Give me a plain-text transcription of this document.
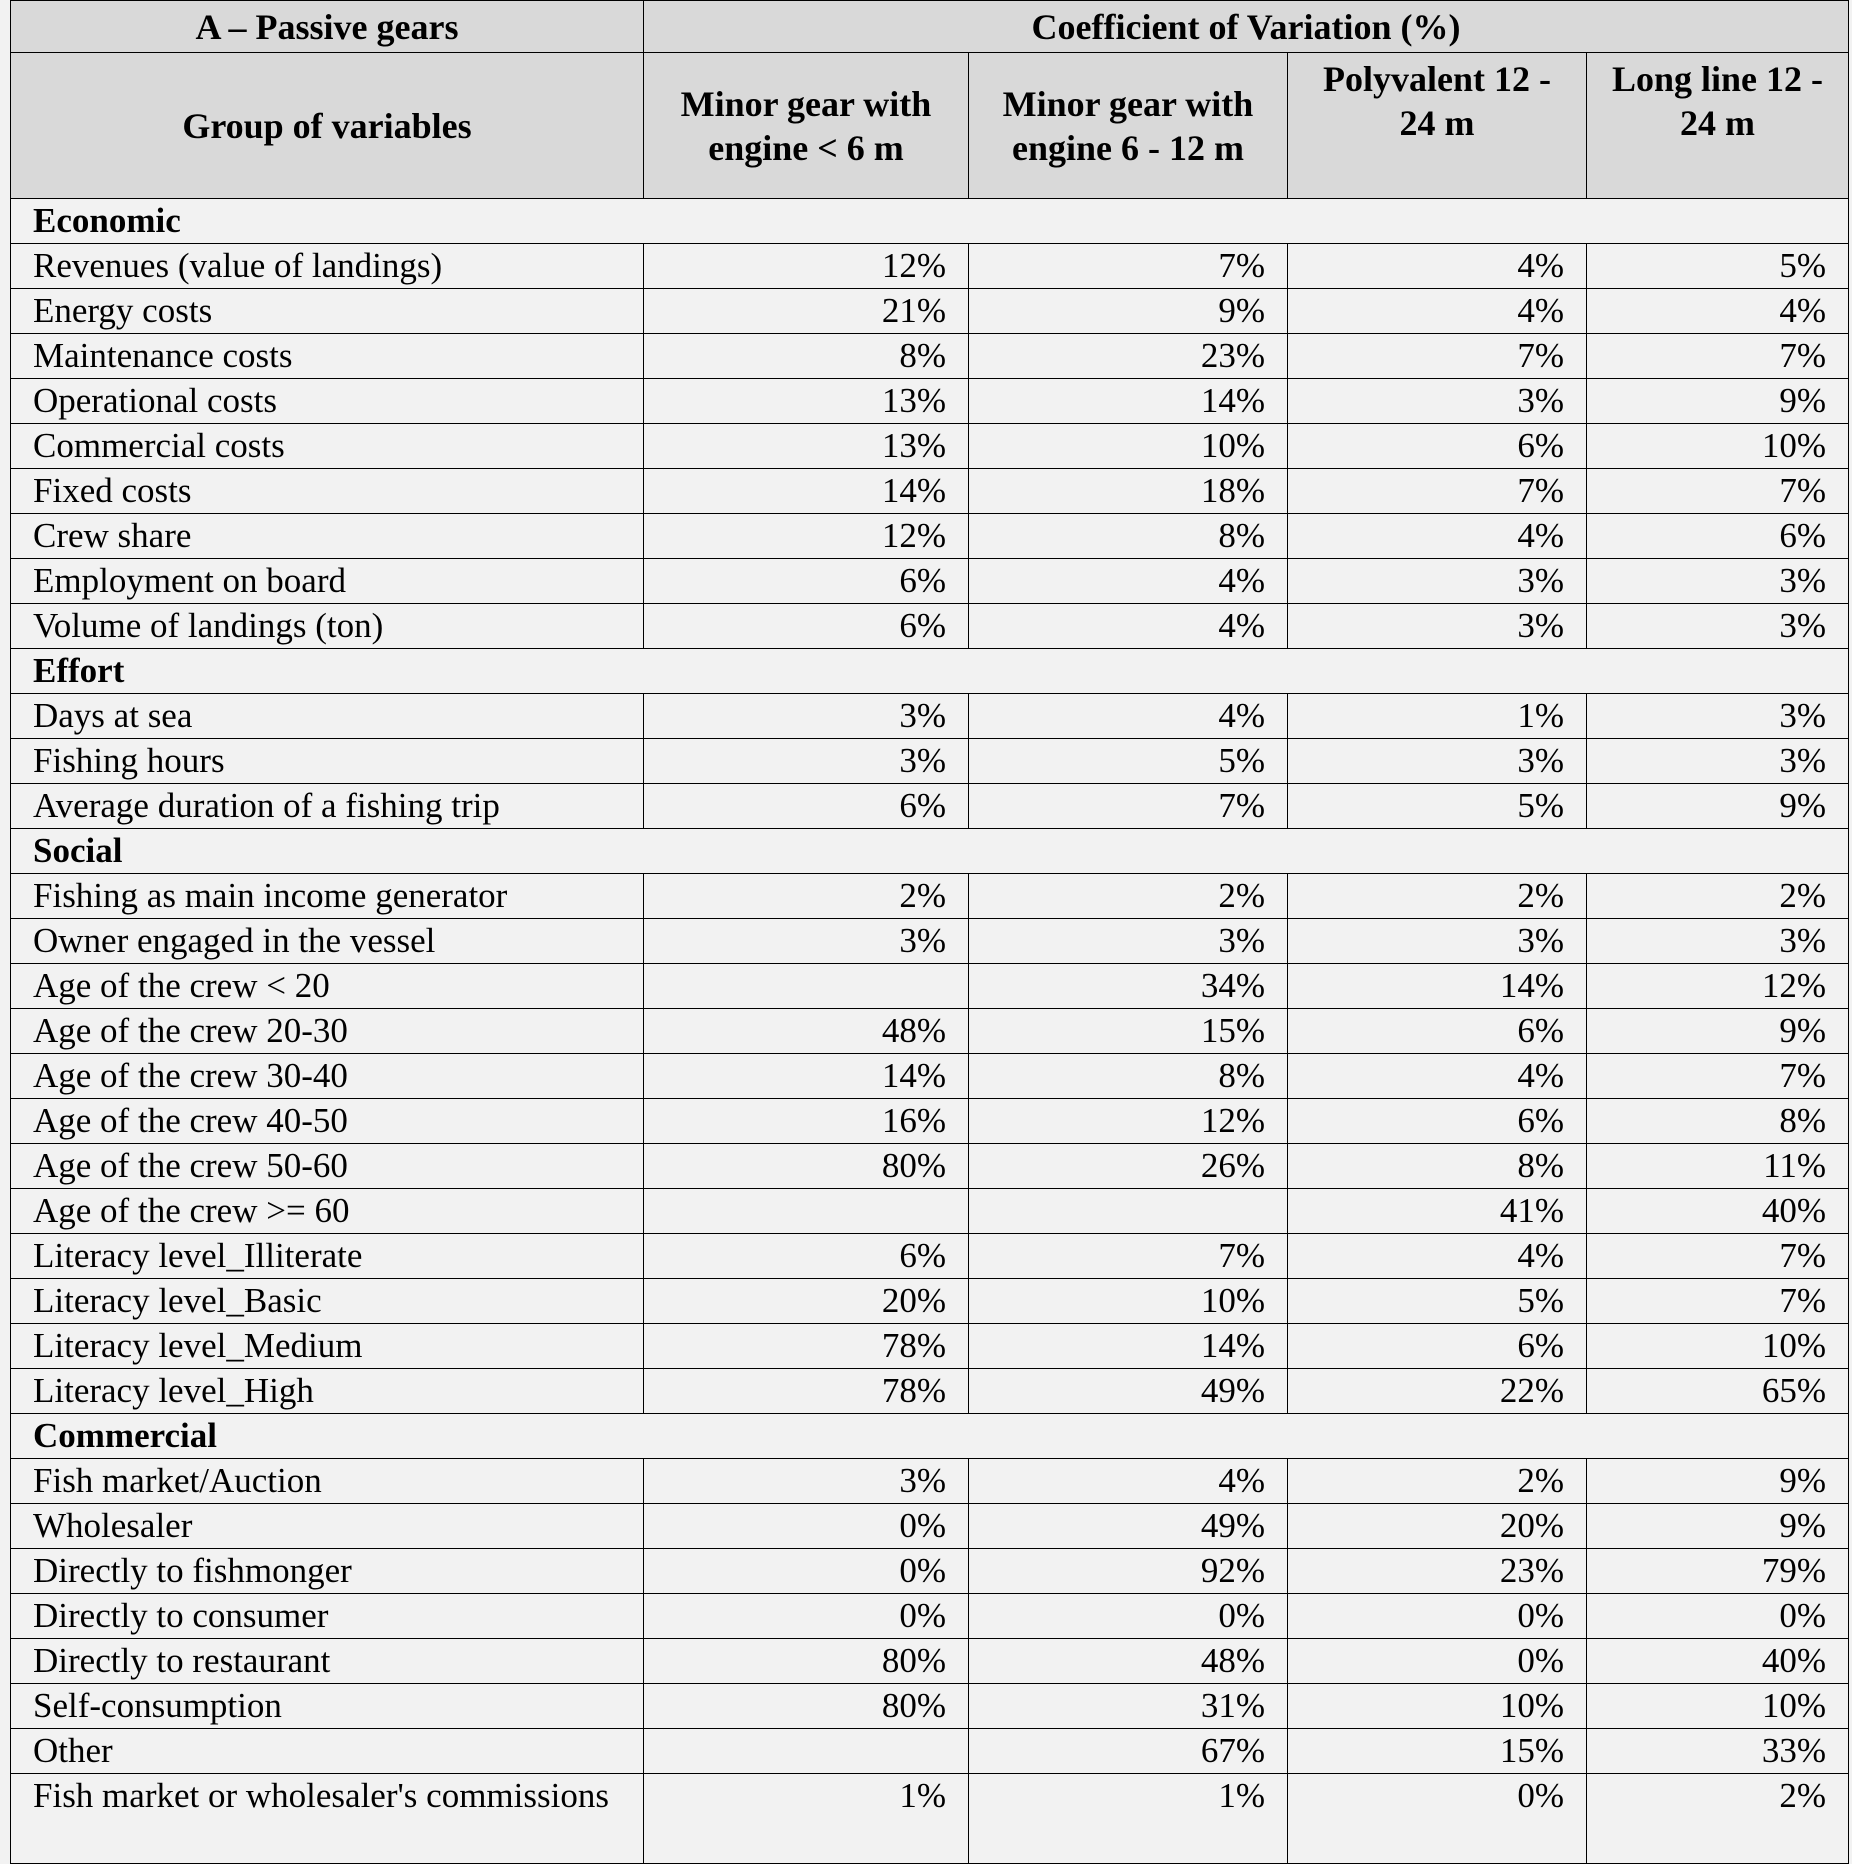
A – Passive gears	Coefficient of Variation (%)			
Group of variables	Minor gear with engine < 6 m	Minor gear with engine 6 - 12 m	Polyvalent 12 - 24 m	Long line 12 - 24 m
Economic				
Revenues (value of landings)	12%	7%	4%	5%
Energy costs	21%	9%	4%	4%
Maintenance costs	8%	23%	7%	7%
Operational costs	13%	14%	3%	9%
Commercial costs	13%	10%	6%	10%
Fixed costs	14%	18%	7%	7%
Crew share	12%	8%	4%	6%
Employment on board	6%	4%	3%	3%
Volume of landings (ton)	6%	4%	3%	3%
Effort				
Days at sea	3%	4%	1%	3%
Fishing hours	3%	5%	3%	3%
Average duration of a fishing trip	6%	7%	5%	9%
Social				
Fishing as main income generator	2%	2%	2%	2%
Owner engaged in the vessel	3%	3%	3%	3%
Age of the crew < 20		34%	14%	12%
Age of the crew 20-30	48%	15%	6%	9%
Age of the crew 30-40	14%	8%	4%	7%
Age of the crew 40-50	16%	12%	6%	8%
Age of the crew 50-60	80%	26%	8%	11%
Age of the crew >= 60			41%	40%
Literacy level_Illiterate	6%	7%	4%	7%
Literacy level_Basic	20%	10%	5%	7%
Literacy level_Medium	78%	14%	6%	10%
Literacy level_High	78%	49%	22%	65%
Commercial				
Fish market/Auction	3%	4%	2%	9%
Wholesaler	0%	49%	20%	9%
Directly to fishmonger	0%	92%	23%	79%
Directly to consumer	0%	0%	0%	0%
Directly to restaurant	80%	48%	0%	40%
Self-consumption	80%	31%	10%	10%
Other		67%	15%	33%
Fish market or wholesaler's commissions	1%	1%	0%	2%
